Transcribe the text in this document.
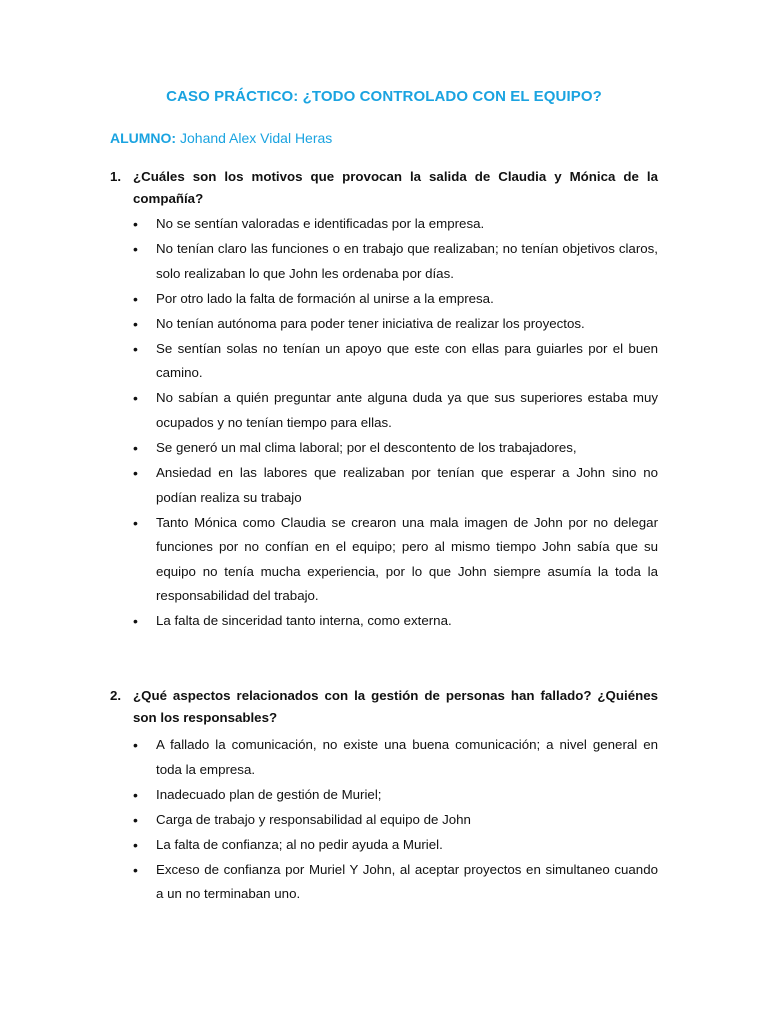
CASO PRÁCTICO: ¿TODO CONTROLADO CON EL EQUIPO?
ALUMNO: Johand Alex Vidal Heras
1. ¿Cuáles son los motivos que provocan la salida de Claudia y Mónica de la compañía?
• No se sentían valoradas e identificadas por la empresa.
• No tenían claro las funciones o en trabajo que realizaban; no tenían objetivos claros, solo realizaban lo que John les ordenaba por días.
• Por otro lado la falta de formación al unirse a la empresa.
• No tenían autónoma para poder tener iniciativa de realizar los proyectos.
• Se sentían solas no tenían un apoyo que este con ellas para guiarles por el buen camino.
• No sabían a quién preguntar ante alguna duda ya que sus superiores estaba muy ocupados y no tenían tiempo para ellas.
• Se generó un mal clima laboral; por el descontento de los trabajadores,
• Ansiedad en las labores que realizaban por tenían que esperar a John sino no podían realiza su trabajo
• Tanto Mónica como Claudia se crearon una mala imagen de John por no delegar funciones por no confían en el equipo; pero al mismo tiempo John sabía que su equipo no tenía mucha experiencia, por lo que John siempre asumía la toda la responsabilidad del trabajo.
• La falta de sinceridad tanto interna, como externa.
2. ¿Qué aspectos relacionados con la gestión de personas han fallado? ¿Quiénes son los responsables?
• A fallado la comunicación, no existe una buena comunicación; a nivel general en toda la empresa.
• Inadecuado plan de gestión de Muriel;
• Carga de trabajo y responsabilidad al equipo de John
• La falta de confianza; al no pedir ayuda a Muriel.
• Exceso de confianza por Muriel Y John, al aceptar proyectos en simultaneo cuando a un no terminaban uno.
